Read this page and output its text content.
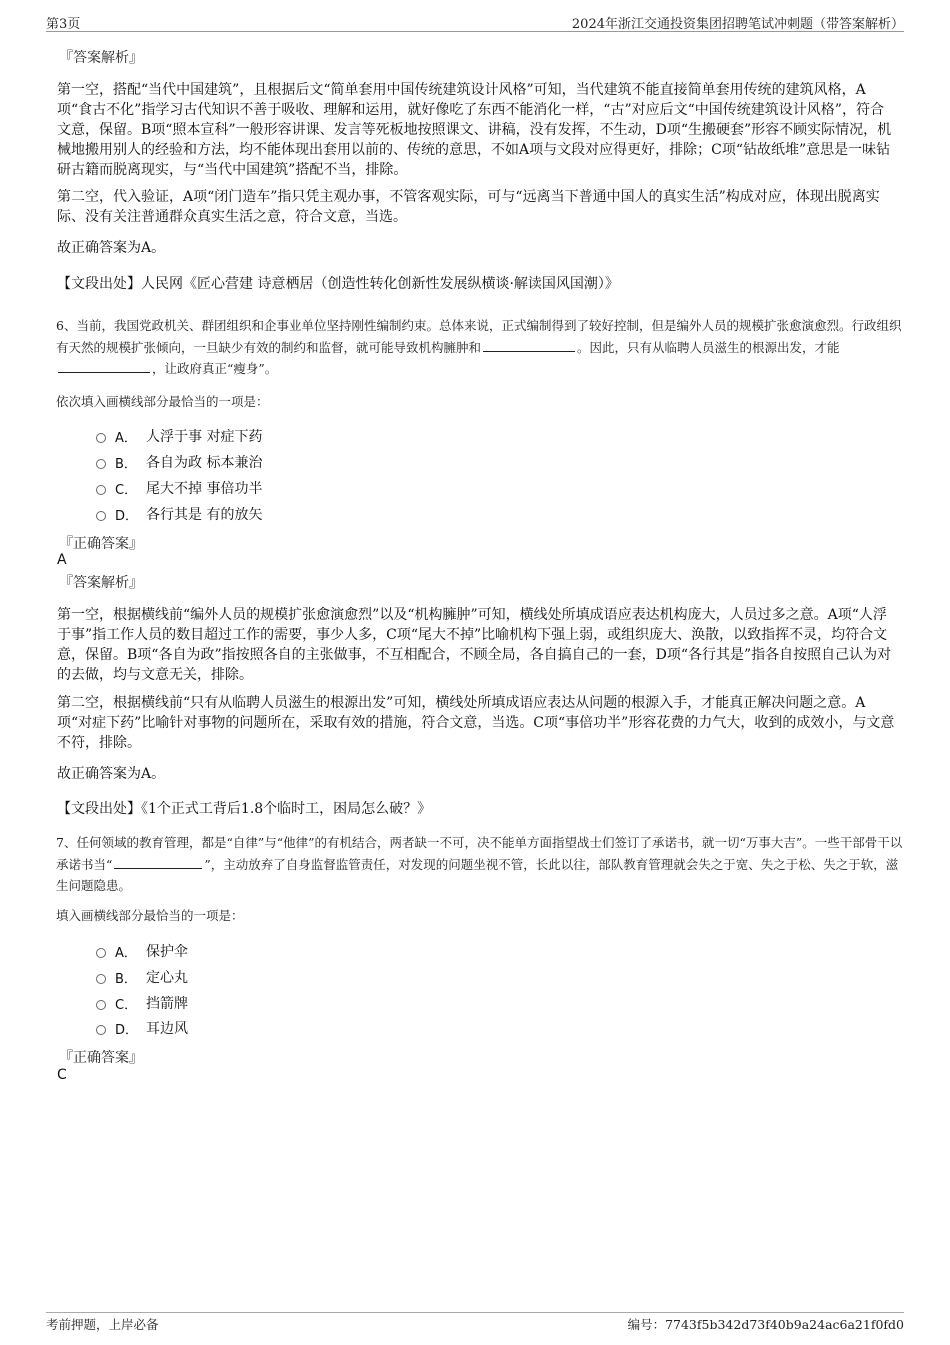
第3页	2024年浙江交通投资集团招聘笔试冲刺题（带答案解析）
『答案解析』
第一空，搭配“当代中国建筑”，且根据后文“简单套用中国传统建筑设计风格”可知，当代建筑不能直接简单套用传统的建筑风格，A项“食古不化”指学习古代知识不善于吸收、理解和运用，就好像吃了东西不能消化一样，“古”对应后文“中国传统建筑设计风格”，符合文意，保留。B项“照本宣科”一般形容讲课、发言等死板地按照课文、讲稿，没有发挥，不生动，D项“生搬硬套”形容不顾实际情况，机械地搬用别人的经验和方法，均不能体现出套用以前的、传统的意思，不如A项与文段对应得更好，排除；C项“钻故纸堆”意思是一味钻研古籍而脱离现实，与“当代中国建筑”搭配不当，排除。
第二空，代入验证，A项“闭门造车”指只凭主观办事，不管客观实际，可与“远离当下普通中国人的真实生活”构成对应，体现出脱离实际、没有关注普通群众真实生活之意，符合文意，当选。
故正确答案为A。
【文段出处】人民网《匠心营建 诗意栖居（创造性转化创新性发展纵横谈·解读国风国潮）》
6、当前，我国党政机关、群团组织和企事业单位坚持刚性编制约束。总体来说，正式编制得到了较好控制，但是编外人员的规模扩张愈演愈烈。行政组织有天然的规模扩张倾向，一旦缺少有效的制约和监督，就可能导致机构臃肿和	。因此，只有从临聘人员滋生的根源出发，才能，让政府真正“瘦身”。
依次填入画横线部分最恰当的一项是：
A． 人浮于事 对症下药
B． 各自为政 标本兼治
C． 尾大不掉 事倍功半
D． 各行其是 有的放矢
『正确答案』
A
『答案解析』
第一空，根据横线前“编外人员的规模扩张愈演愈烈”以及“机构臃肿”可知，横线处所填成语应表达机构庞大，人员过多之意。A项“人浮于事”指工作人员的数目超过工作的需要，事少人多，C项“尾大不掉”比喻机构下强上弱，或组织庞大、涣散，以致指挥不灵，均符合文意，保留。B项“各自为政”指按照各自的主张做事，不互相配合，不顾全局，各自搞自己的一套，D项“各行其是”指各自按照自己认为对的去做，均与文意无关，排除。
第二空，根据横线前“只有从临聘人员滋生的根源出发”可知，横线处所填成语应表达从问题的根源入手，才能真正解决问题之意。A项“对症下药”比喻针对事物的问题所在，采取有效的措施，符合文意，当选。C项“事倍功半”形容花费的力气大，收到的成效小，与文意不符，排除。
故正确答案为A。
【文段出处】《1个正式工背后1.8个临时工，困局怎么破？》
7、任何领域的教育管理，都是“自律”与“他律”的有机结合，两者缺一不可，决不能单方面指望战士们签订了承诺书，就一切“万事大吉”。一些干部骨干以承诺书当“	”，主动放弃了自身监督监管责任，对发现的问题坐视不管，长此以往，部队教育管理就会失之于宽、失之于松、失之于软，滋生问题隐患。
填入画横线部分最恰当的一项是：
A． 保护伞
B． 定心丸
C． 挡箭牌
D． 耳边风
『正确答案』
C
考前押题，上岸必备	编号：7743f5b342d73f40b9a24ac6a21f0fd0
